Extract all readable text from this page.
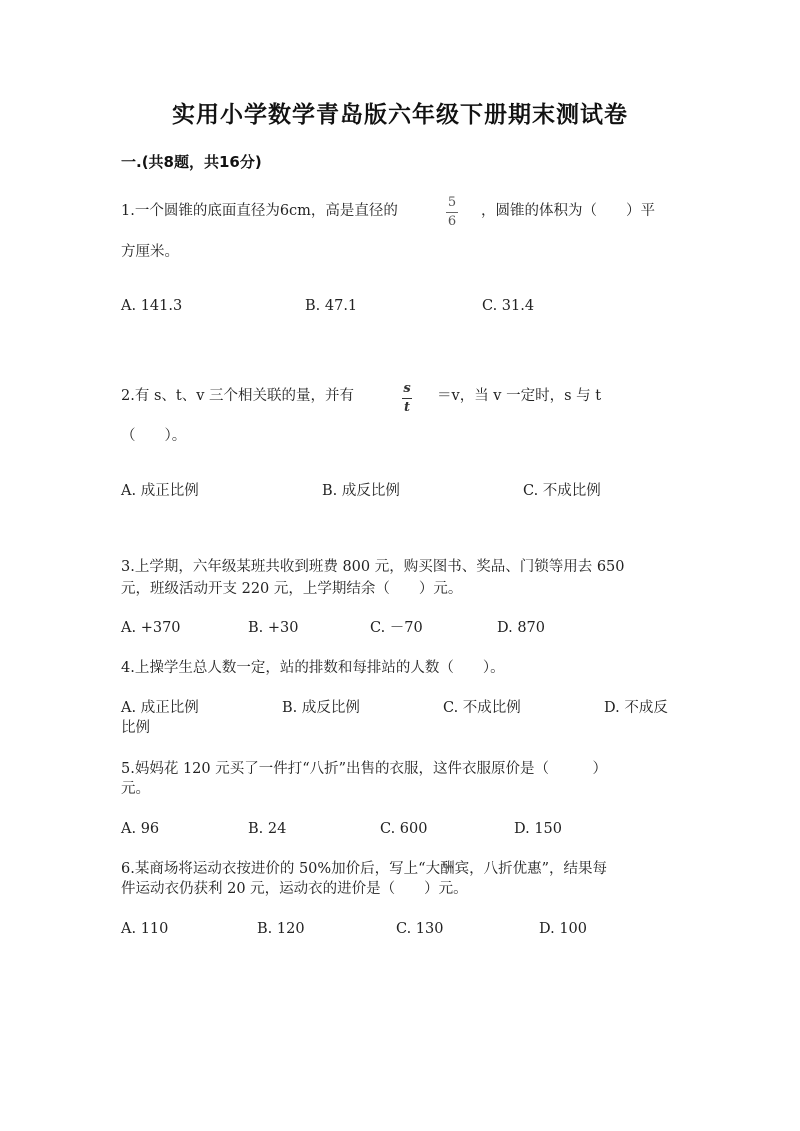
实用小学数学青岛版六年级下册期末测试卷
一.(共8题，共16分)
1.一个圆锥的底面直径为6cm，高是直径的
5
6
，圆锥的体积为（　　）平
方厘米。
A. 141.3	B. 47.1	C. 31.4
2.有 s、t、v 三个相关联的量，并有	s
t
＝v，当 v 一定时，s 与 t
（　　）。
A. 成正比例	B. 成反比例	C. 不成比例
3.上学期，六年级某班共收到班费 800 元，购买图书、奖品、门锁等用去 650
元，班级活动开支 220 元，上学期结余（　　）元。
A. +370	B. +30	C. －70	D. 870
4.上操学生总人数一定，站的排数和每排站的人数（　　）。
A. 成正比例	B. 成反比例	C. 不成比例	D. 不成反
比例
5.妈妈花 120 元买了一件打“八折”出售的衣服，这件衣服原价是（　　　）
元。
A. 96	B. 24	C. 600	D. 150
6.某商场将运动衣按进价的 50%加价后，写上“大酬宾，八折优惠”，结果每
件运动衣仍获利 20 元，运动衣的进价是（　　）元。
A. 110	B. 120	C. 130	D. 100
